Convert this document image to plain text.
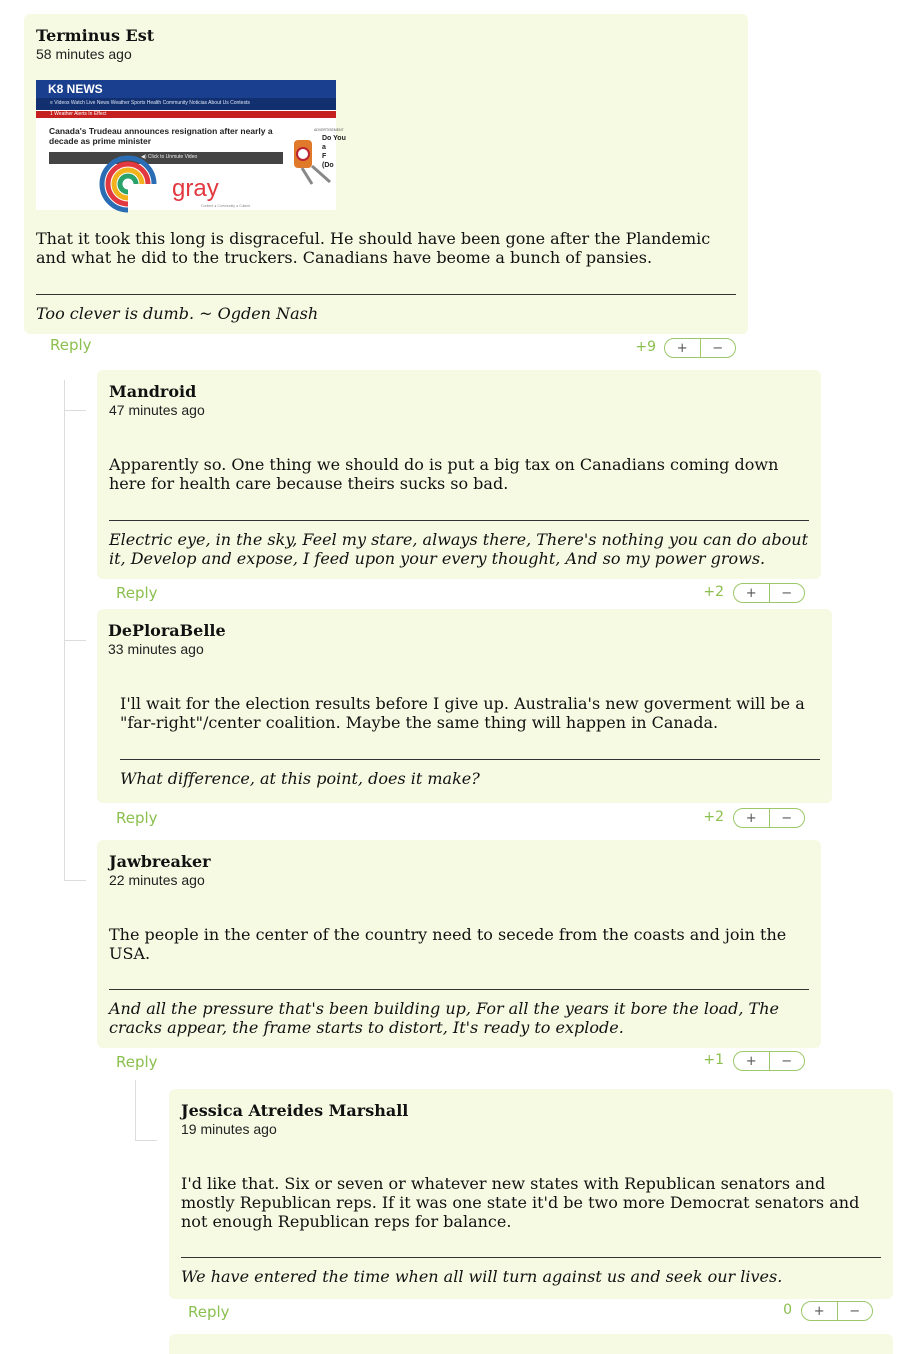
Terminus Est
58 minutes ago
K8 NEWS
≡ Videos Watch Live News Weather Sports Health Community Noticias About Us Contests
1 Weather Alerts In Effect
Canada's Trudeau announces resignation after nearly a decade as prime minister
◀) Click to Unmute Video
ADVERTISEMENT
Do You
a
F
(Do
gray
Content ● Community ● Culture
That it took this long is disgraceful. He should have been gone after the Plandemic and what he did to the truckers. Canadians have beome a bunch of pansies.
Too clever is dumb. ~ Ogden Nash
Reply	+9	+	−
Mandroid
47 minutes ago
Apparently so. One thing we should do is put a big tax on Canadians coming down here for health care because theirs sucks so bad.
Electric eye, in the sky, Feel my stare, always there, There's nothing you can do about it, Develop and expose, I feed upon your every thought, And so my power grows.
Reply	+2	+	−
DePloraBelle
33 minutes ago
I'll wait for the election results before I give up. Australia's new goverment will be a "far-right"/center coalition. Maybe the same thing will happen in Canada.
What difference, at this point, does it make?
Reply	+2	+	−
Jawbreaker
22 minutes ago
The people in the center of the country need to secede from the coasts and join the USA.
And all the pressure that's been building up, For all the years it bore the load, The cracks appear, the frame starts to distort, It's ready to explode.
Reply	+1	+	−
Jessica Atreides Marshall
19 minutes ago
I'd like that. Six or seven or whatever new states with Republican senators and mostly Republican reps. If it was one state it'd be two more Democrat senators and not enough Republican reps for balance.
We have entered the time when all will turn against us and seek our lives.
Reply	0	+	−
